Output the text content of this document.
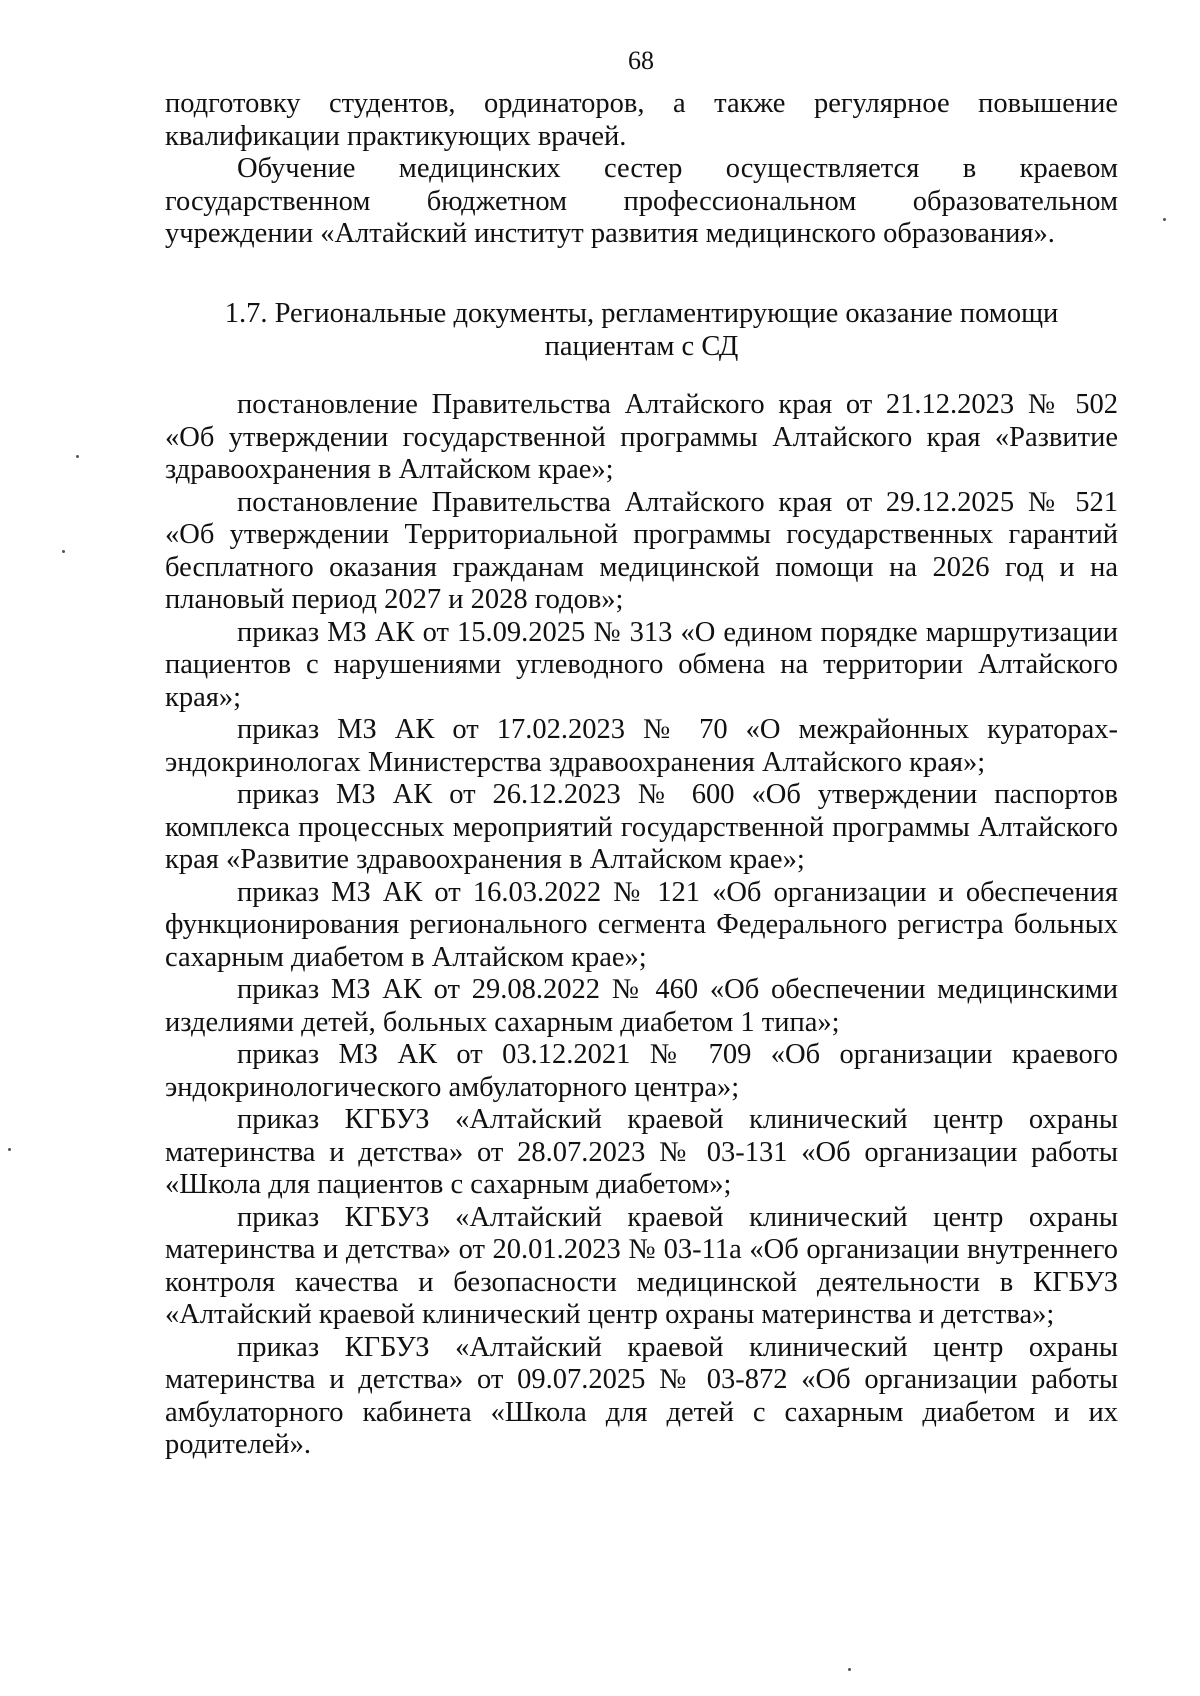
68

подготовку студентов, ординаторов, а также регулярное повышение квалификации практикующих врачей.

Обучение медицинских сестер осуществляется в краевом государственном бюджетном профессиональном образовательном учреждении «Алтайский институт развития медицинского образования».

1.7. Региональные документы, регламентирующие оказание помощи
пациентам с СД

постановление Правительства Алтайского края от 21.12.2023 № 502 «Об утверждении государственной программы Алтайского края «Развитие здравоохранения в Алтайском крае»;

постановление Правительства Алтайского края от 29.12.2025 № 521 «Об утверждении Территориальной программы государственных гарантий бесплатного оказания гражданам медицинской помощи на 2026 год и на плановый период 2027 и 2028 годов»;

приказ МЗ АК от 15.09.2025 № 313 «О едином порядке маршрутизации пациентов с нарушениями углеводного обмена на территории Алтайского края»;

приказ МЗ АК от 17.02.2023 № 70 «О межрайонных кураторах-эндокринологах Министерства здравоохранения Алтайского края»;

приказ МЗ АК от 26.12.2023 № 600 «Об утверждении паспортов комплекса процессных мероприятий государственной программы Алтайского края «Развитие здравоохранения в Алтайском крае»;

приказ МЗ АК от 16.03.2022 № 121 «Об организации и обеспечения функционирования регионального сегмента Федерального регистра больных сахарным диабетом в Алтайском крае»;

приказ МЗ АК от 29.08.2022 № 460 «Об обеспечении медицинскими изделиями детей, больных сахарным диабетом 1 типа»;

приказ МЗ АК от 03.12.2021 № 709 «Об организации краевого эндокринологического амбулаторного центра»;

приказ КГБУЗ «Алтайский краевой клинический центр охраны материнства и детства» от 28.07.2023 № 03-131 «Об организации работы «Школа для пациентов с сахарным диабетом»;

приказ КГБУЗ «Алтайский краевой клинический центр охраны материнства и детства» от 20.01.2023 № 03-11а «Об организации внутреннего контроля качества и безопасности медицинской деятельности в КГБУЗ «Алтайский краевой клинический центр охраны материнства и детства»;

приказ КГБУЗ «Алтайский краевой клинический центр охраны материнства и детства» от 09.07.2025 № 03-872 «Об организации работы амбулаторного кабинета «Школа для детей с сахарным диабетом и их родителей».
